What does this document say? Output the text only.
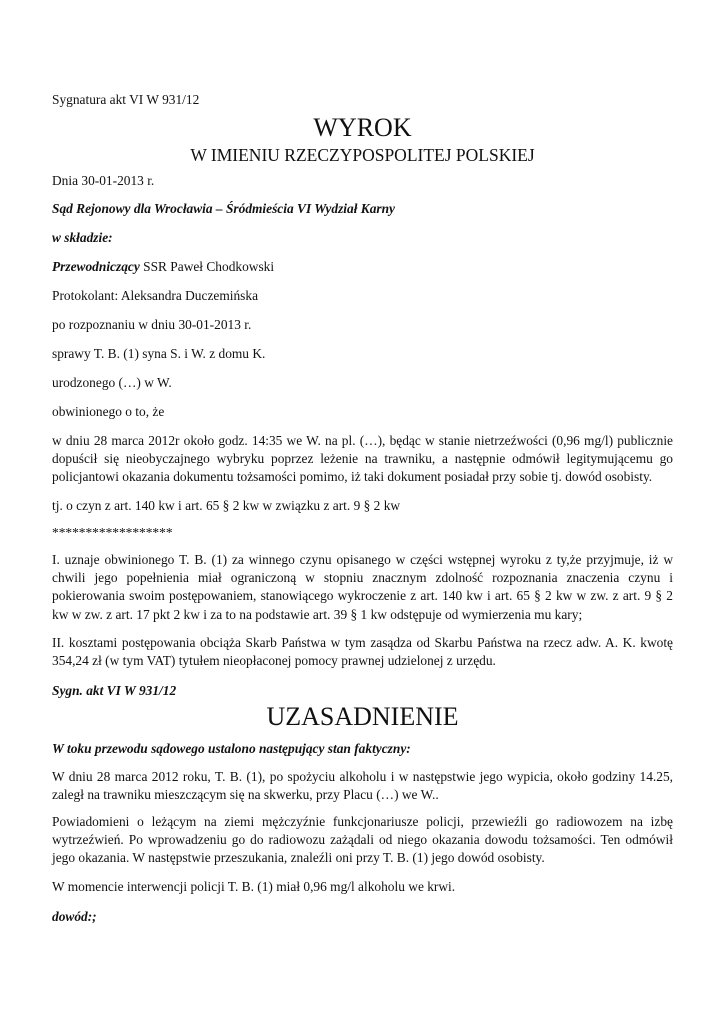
Sygnatura akt VI W 931/12
WYROK
W IMIENIU RZECZYPOSPOLITEJ POLSKIEJ
Dnia 30-01-2013 r.
Sąd Rejonowy dla Wrocławia – Śródmieścia VI Wydział Karny
w składzie:
Przewodniczący SSR Paweł Chodkowski
Protokolant: Aleksandra Duczemińska
po rozpoznaniu w dniu 30-01-2013 r.
sprawy T. B. (1) syna S. i W. z domu K.
urodzonego (…) w W.
obwinionego o to, że
w dniu 28 marca 2012r około godz. 14:35 we W. na pl. (…), będąc w stanie nietrzeźwości (0,96 mg/l) publicznie dopuścił się nieobyczajnego wybryku poprzez leżenie na trawniku, a następnie odmówił legitymującemu go policjantowi okazania dokumentu tożsamości pomimo, iż taki dokument posiadał przy sobie tj. dowód osobisty.
tj. o czyn z art. 140 kw i art. 65 § 2 kw w związku z art. 9 § 2 kw
******************
I. uznaje obwinionego T. B. (1) za winnego czynu opisanego w części wstępnej wyroku z ty,że przyjmuje, iż w chwili jego popełnienia miał ograniczoną w stopniu znacznym zdolność rozpoznania znaczenia czynu i pokierowania swoim postępowaniem, stanowiącego wykroczenie z art. 140 kw i art. 65 § 2 kw w zw. z art. 9 § 2 kw w zw. z art. 17 pkt 2 kw i za to na podstawie art. 39 § 1 kw odstępuje od wymierzenia mu kary;
II. kosztami postępowania obciąża Skarb Państwa w tym zasądza od Skarbu Państwa na rzecz adw. A. K. kwotę 354,24 zł (w tym VAT) tytułem nieopłaconej pomocy prawnej udzielonej z urzędu.
Sygn. akt VI W 931/12
UZASADNIENIE
W toku przewodu sądowego ustalono następujący stan faktyczny:
W dniu 28 marca 2012 roku, T. B. (1), po spożyciu alkoholu i w następstwie jego wypicia, około godziny 14.25, zaległ na trawniku mieszczącym się na skwerku, przy Placu (…) we W..
Powiadomieni o leżącym na ziemi mężczyźnie funkcjonariusze policji, przewieźli go radiowozem na izbę wytrzeźwień. Po wprowadzeniu go do radiowozu zażądali od niego okazania dowodu tożsamości. Ten odmówił jego okazania. W następstwie przeszukania, znaleźli oni przy T. B. (1) jego dowód osobisty.
W momencie interwencji policji T. B. (1) miał 0,96 mg/l alkoholu we krwi.
dowód:;
